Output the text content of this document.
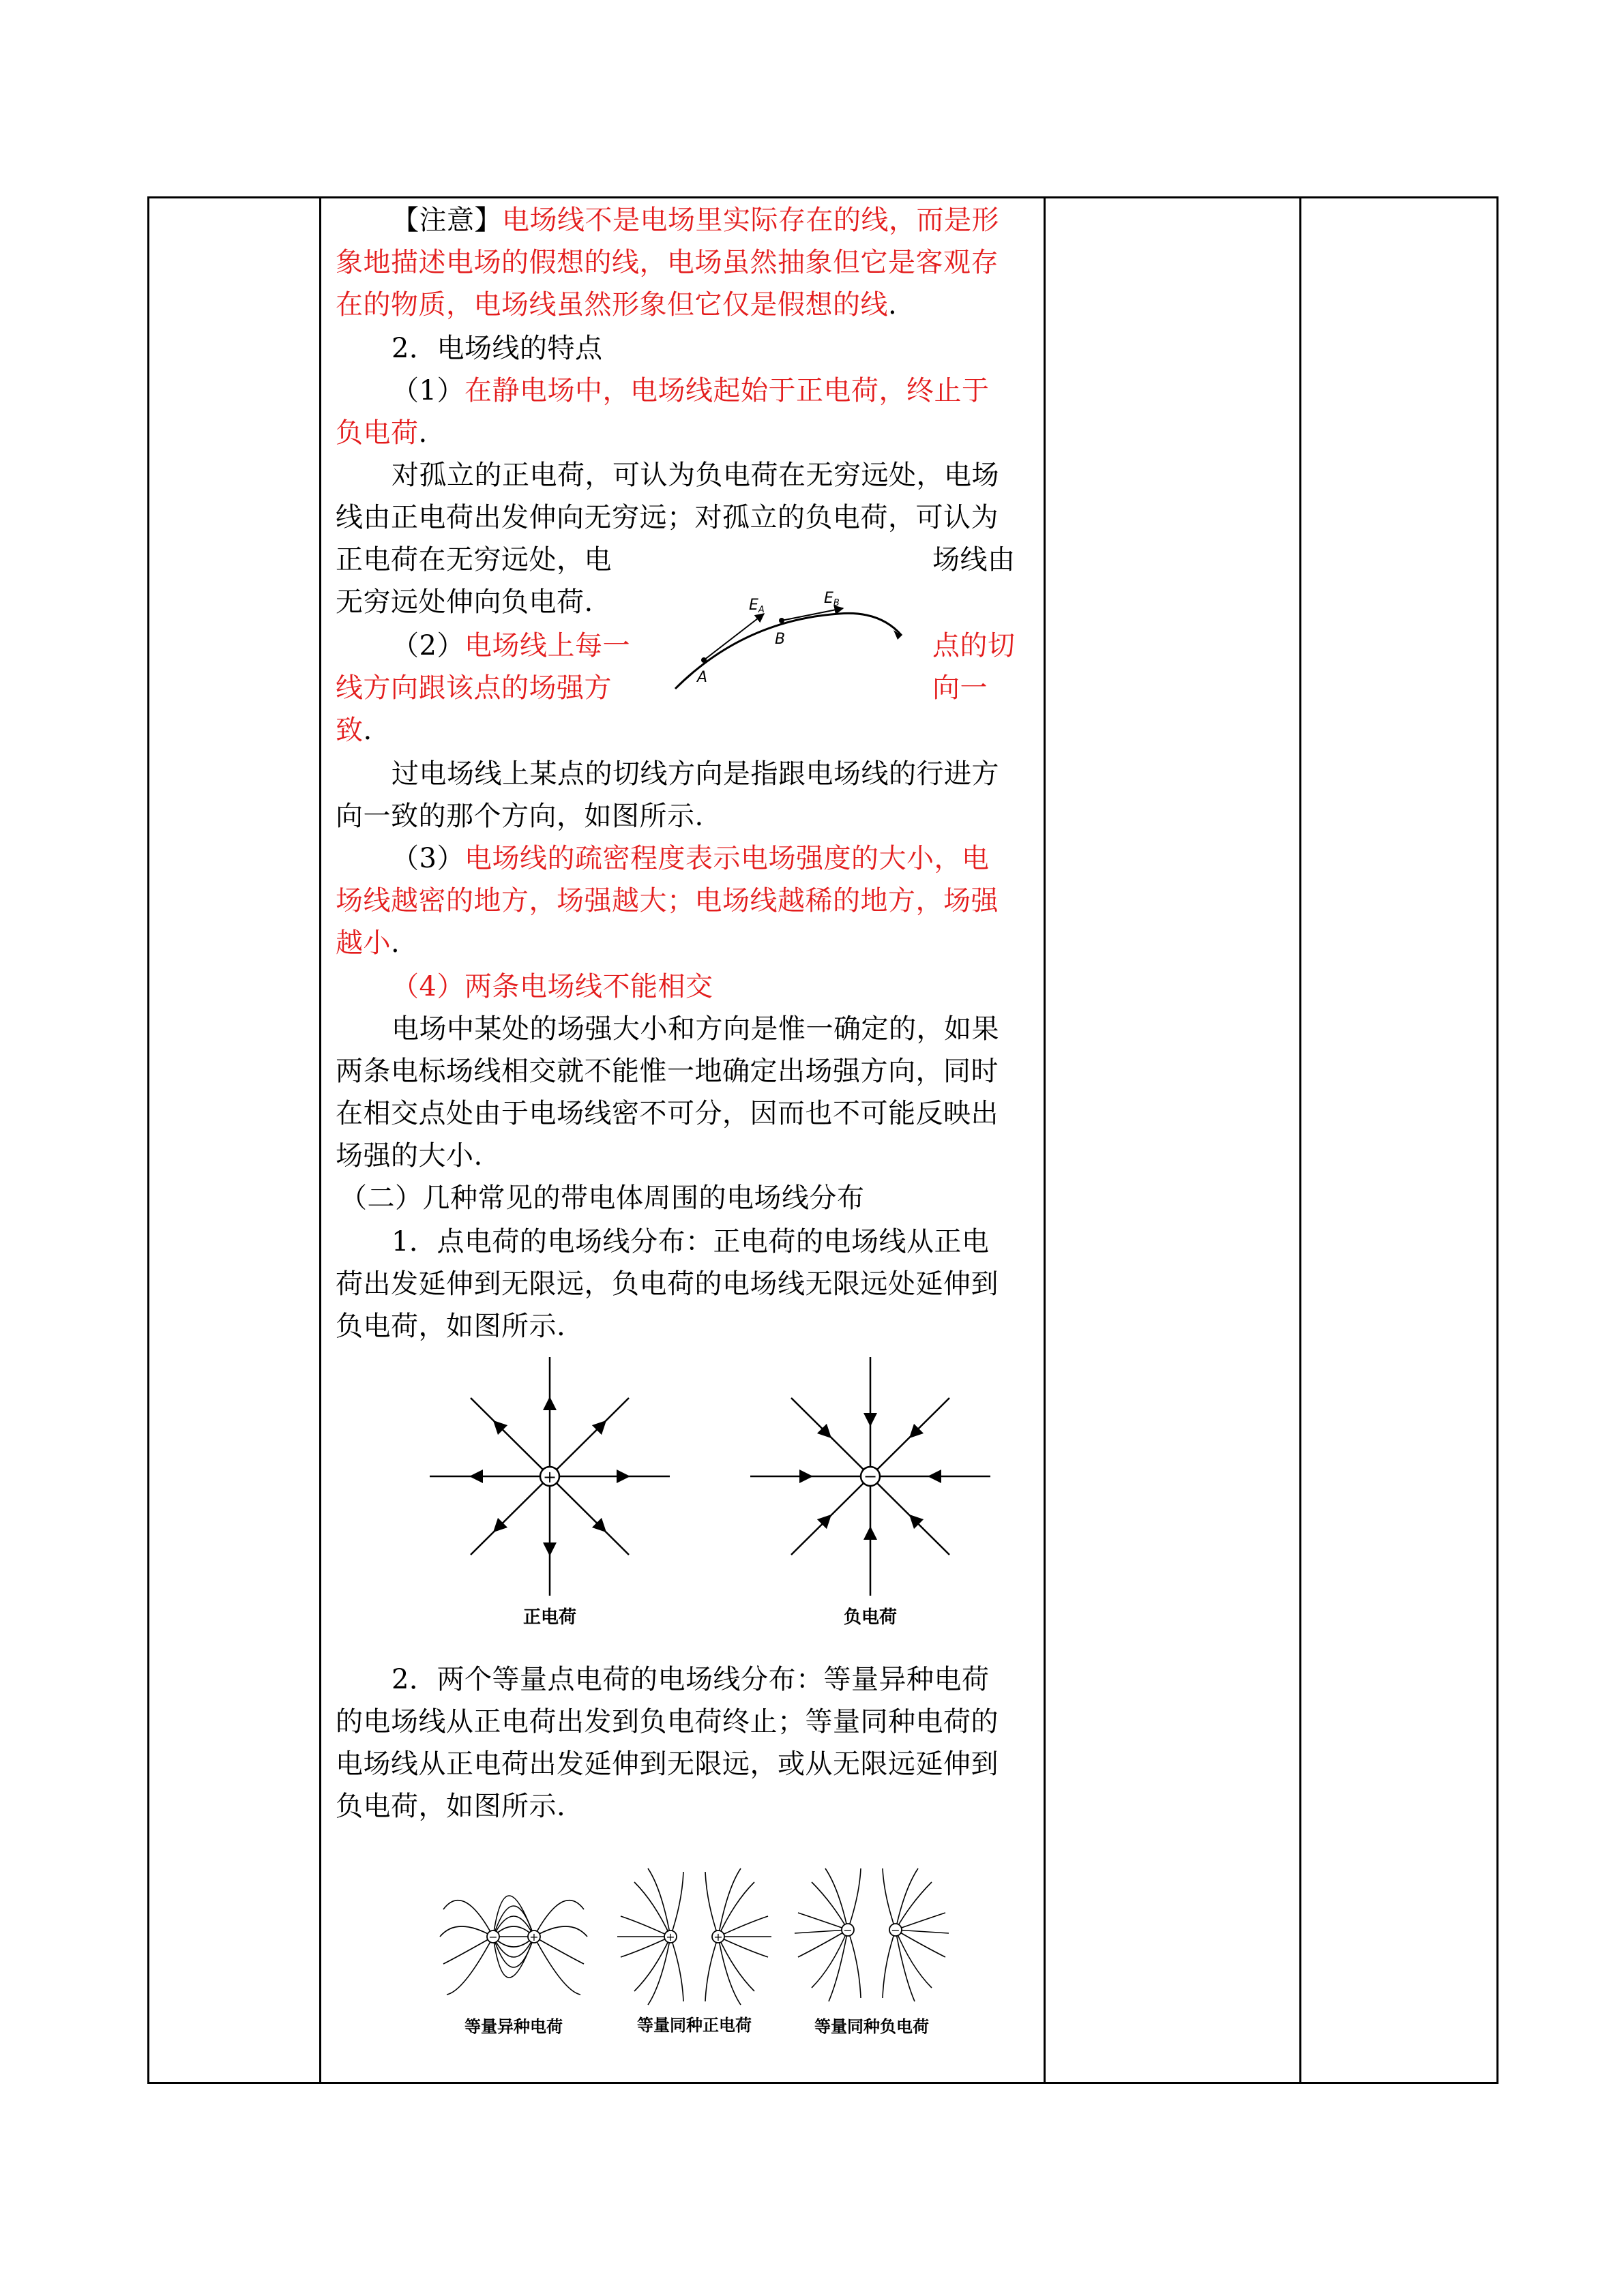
【注意】电场线不是电场里实际存在的线，而是形
象地描述电场的假想的线，电场虽然抽象但它是客观存
在的物质，电场线虽然形象但它仅是假想的线.
2．电场线的特点
（1）在静电场中，电场线起始于正电荷，终止于
负电荷.
对孤立的正电荷，可认为负电荷在无穷远处，电场
线由正电荷出发伸向无穷远；对孤立的负电荷，可认为
正电荷在无穷远处，电	场线由
无穷远处伸向负电荷.
（2）电场线上每一	点的切
线方向跟该点的场强方	向一
致.
过电场线上某点的切线方向是指跟电场线的行进方
向一致的那个方向，如图所示.
（3）电场线的疏密程度表示电场强度的大小，电
场线越密的地方，场强越大；电场线越稀的地方，场强
越小.
（4）两条电场线不能相交
电场中某处的场强大小和方向是惟一确定的，如果
两条电标场线相交就不能惟一地确定出场强方向，同时
在相交点处由于电场线密不可分，因而也不可能反映出
场强的大小.
（二）几种常见的带电体周围的电场线分布
1．点电荷的电场线分布：正电荷的电场线从正电
荷出发延伸到无限远，负电荷的电场线无限远处延伸到
负电荷，如图所示.
2．两个等量点电荷的电场线分布：等量异种电荷
的电场线从正电荷出发到负电荷终止；等量同种电荷的
电场线从正电荷出发延伸到无限远，或从无限远延伸到
负电荷，如图所示.
EA
EB
A
B
+
正电荷
−
负电荷
−	+	+	+
−	−
等量异种电荷	等量同种正电荷	等量同种负电荷
